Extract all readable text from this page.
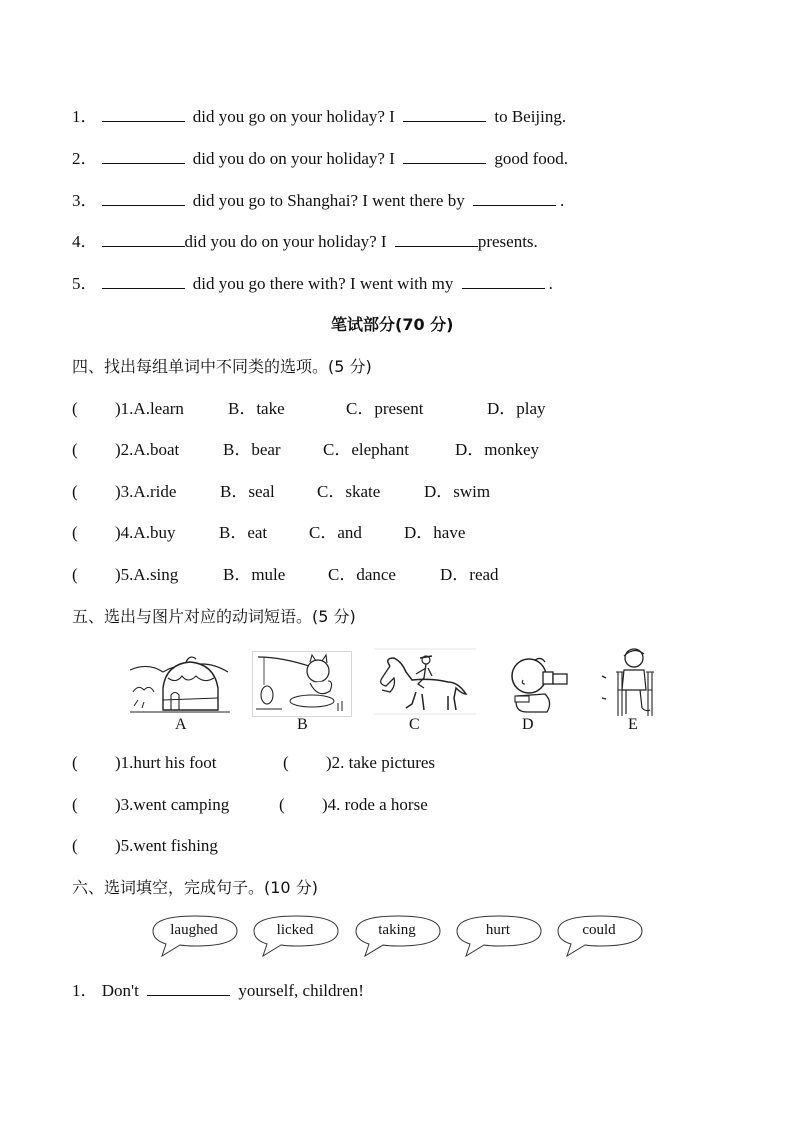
1．	did you go on your holiday? I	to Beijing.
2．	did you do on your holiday? I	good food.
3．	did you go to Shanghai? I went there by	.
4．	did you do on your holiday? I	presents.
5．	did you go there with? I went with my	.
笔试部分(70 分)
四、找出每组单词中不同类的选项。(5 分)
( )1.A.learn	B．take	C．present	D．play
( )2.A.boat	B．bear C．elephant	D．monkey
( )3.A.ride	B．seal C．skate	D．swim
( )4.A.buy	B．eat C．and D．have
( )5.A.sing	B．mule	C．dance	D．read
五、选出与图片对应的动词短语。(5 分)
A	B	C	D	E
( )1.hurt his foot	( )2. take pictures
( )3.went camping	( )4. rode a horse
( )5.went fishing
六、选词填空，完成句子。(10 分)
laughed	licked	taking	hurt	could
1． Don't	yourself, children!
